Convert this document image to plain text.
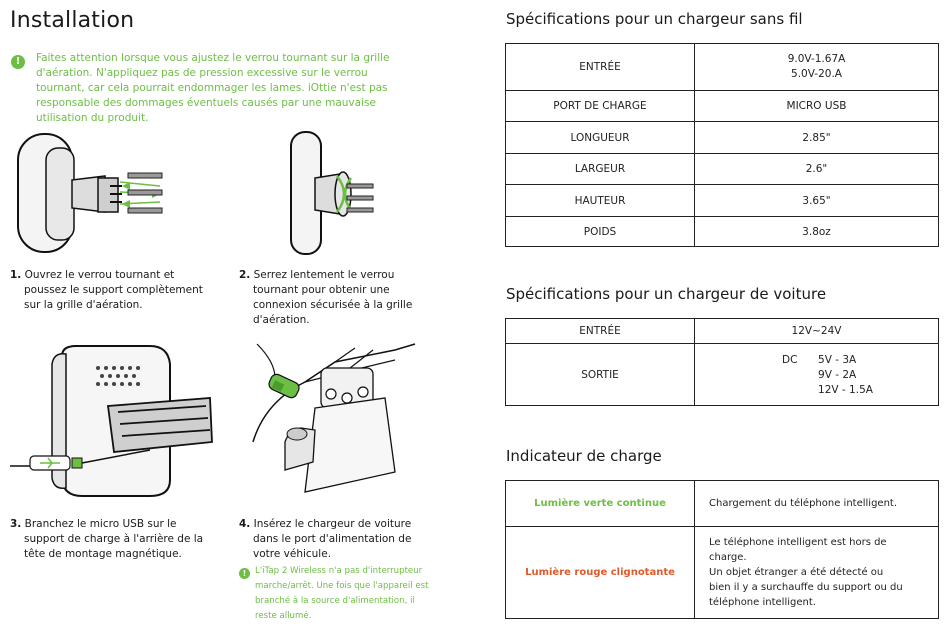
Installation
!	Faites attention lorsque vous ajustez le verrou tournant sur la grille
d'aération. N'appliquez pas de pression excessive sur le verrou
tournant, car cela pourrait endommager les lames. iOttie n'est pas
responsable des dommages éventuels causés par une mauvaise
utilisation du produit.
1. Ouvrez le verrou tournant et
poussez le support complètement
sur la grille d'aération.
2. Serrez lentement le verrou
tournant pour obtenir une
connexion sécurisée à la grille
d'aération.
3. Branchez le micro USB sur le
support de charge à l'arrière de la
tête de montage magnétique.
4. Insérez le chargeur de voiture
dans le port d'alimentation de
votre véhicule.
!	L'iTap 2 Wireless n'a pas d'interrupteur
marche/arrêt. Une fois que l'appareil est
branché à la source d'alimentation, il
reste allumé.
Spécifications pour un chargeur sans fil
ENTRÉE	9.0V-1.67A
5.0V-20.A

PORT DE CHARGE	MICRO USB
LONGUEUR	2.85"
LARGEUR	2.6"
HAUTEUR	3.65"
POIDS	3.8oz
Spécifications pour un chargeur de voiture
ENTRÉE	12V~24V
SORTIE	DC 5V - 3A
9V - 2A
12V - 1.5A
Indicateur de charge
Lumière verte continue	Chargement du téléphone intelligent.
Lumière rouge clignotante	Le téléphone intelligent est hors de
charge.
Un objet étranger a été détecté ou
bien il y a surchauffe du support ou du
téléphone intelligent.
